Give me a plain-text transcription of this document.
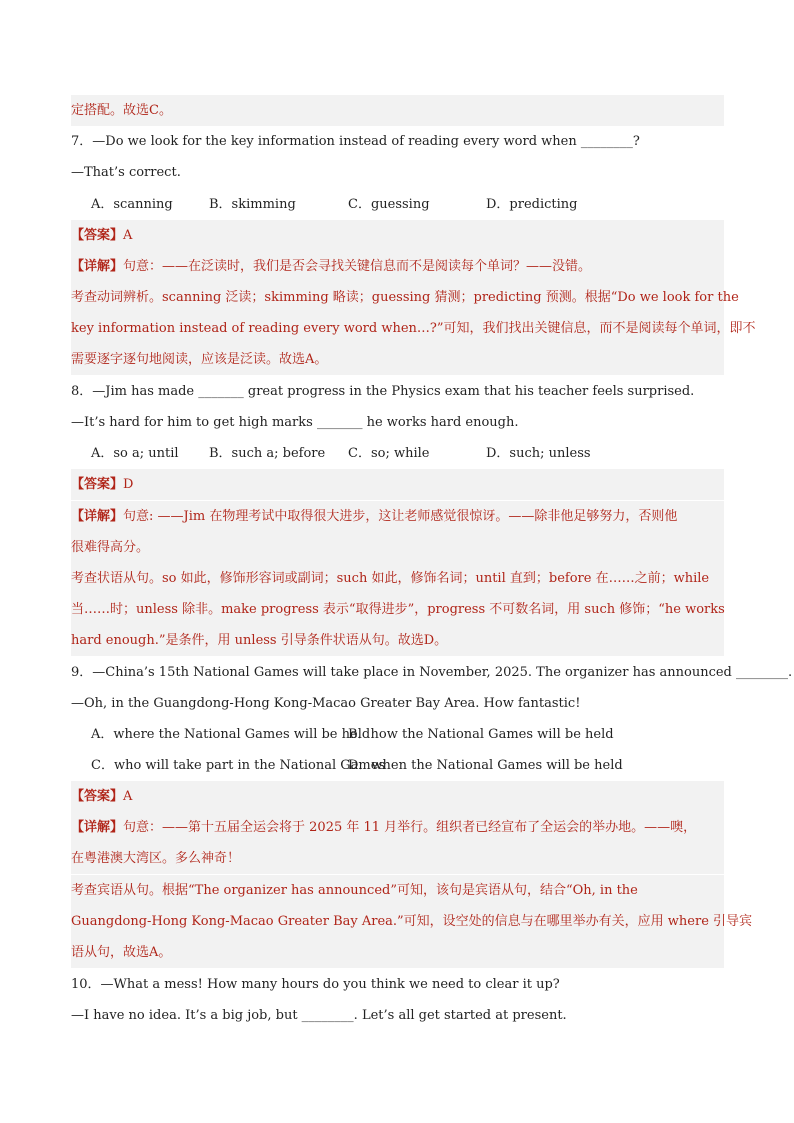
定搭配。故选C。
7．—Do we look for the key information instead of reading every word when ________?
—That’s correct.
A．scanning	B．skimming	C．guessing	D．predicting
【答案】A
【详解】句意：——在泛读时，我们是否会寻找关键信息而不是阅读每个单词？——没错。
考查动词辨析。scanning 泛读；skimming 略读；guessing 猜测；predicting 预测。根据“Do we look for the
key information instead of reading every word when…?”可知，我们找出关键信息，而不是阅读每个单词，即不
需要逐字逐句地阅读，应该是泛读。故选A。
8．—Jim has made _______ great progress in the Physics exam that his teacher feels surprised.
—It’s hard for him to get high marks _______ he works hard enough.
A．so a; until B．such a; before C．so; while	D．such; unless
【答案】D
【详解】句意: ——Jim 在物理考试中取得很大进步，这让老师感觉很惊讶。——除非他足够努力，否则他
很难得高分。
考查状语从句。so 如此，修饰形容词或副词；such 如此，修饰名词；until 直到；before 在……之前；while
当……时；unless 除非。make progress 表示“取得进步”，progress 不可数名词，用 such 修饰；“he works
hard enough.”是条件，用 unless 引导条件状语从句。故选D。
9．—China’s 15th National Games will take place in November, 2025. The organizer has announced ________.
—Oh, in the Guangdong-Hong Kong-Macao Greater Bay Area. How fantastic!
A．where the National Games will be held
B．how the National Games will be held
C．who will take part in the National Games
D．when the National Games will be held
【答案】A
【详解】句意：——第十五届全运会将于 2025 年 11 月举行。组织者已经宣布了全运会的举办地。——噢，
在粤港澳大湾区。多么神奇！
考查宾语从句。根据“The organizer has announced”可知，该句是宾语从句，结合“Oh, in the
Guangdong-Hong Kong-Macao Greater Bay Area.”可知，设空处的信息与在哪里举办有关，应用 where 引导宾
语从句，故选A。
10．—What a mess! How many hours do you think we need to clear it up?
—I have no idea. It’s a big job, but ________. Let’s all get started at present.
